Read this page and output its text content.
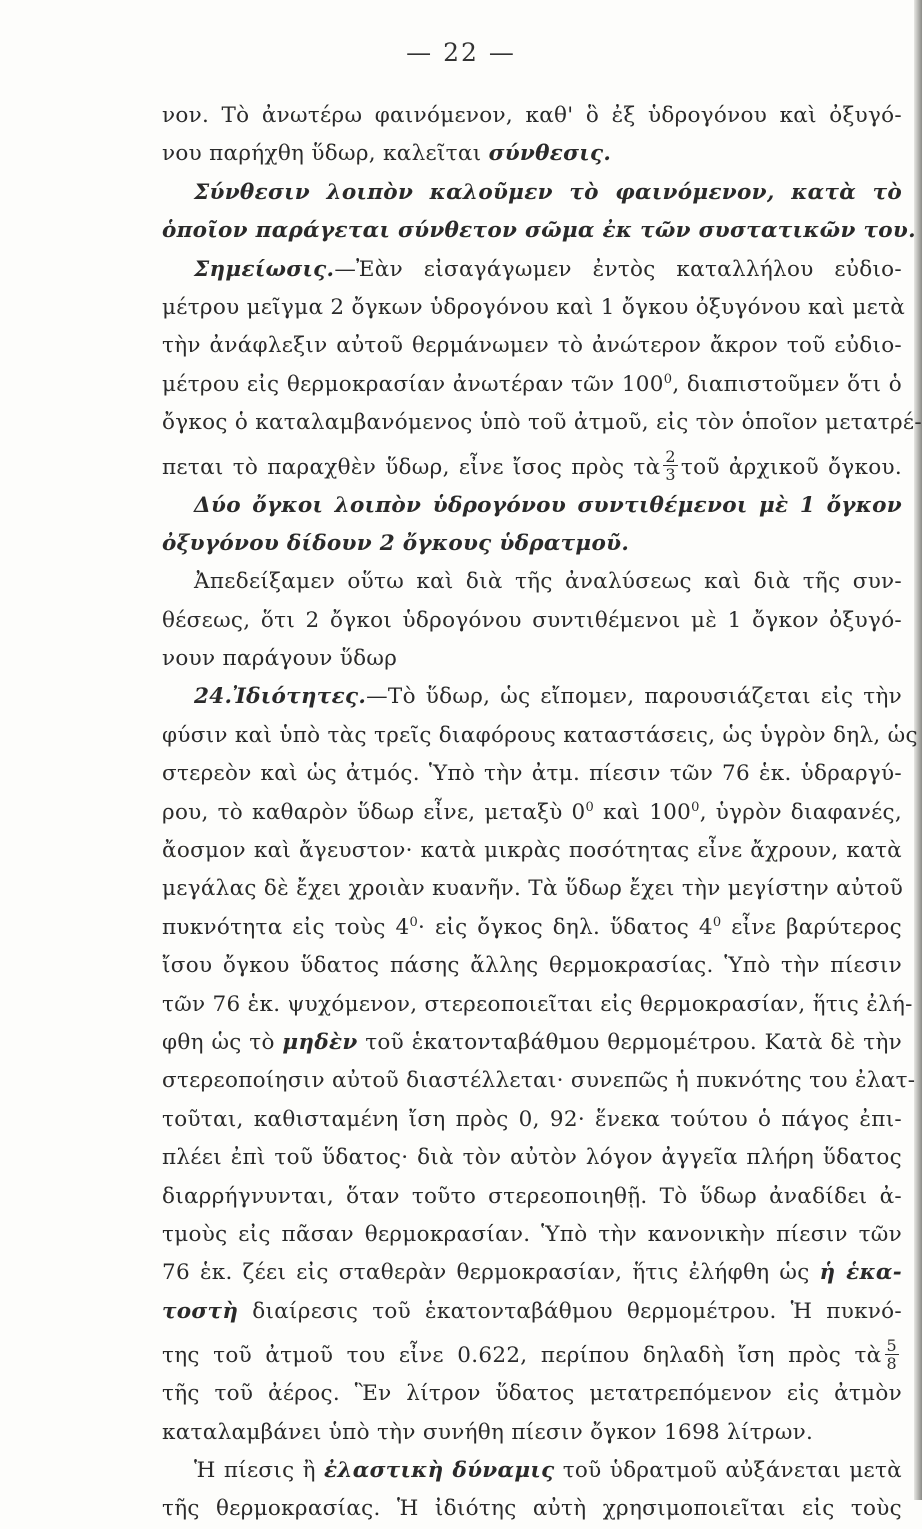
— 22 —
νον. Τὸ ἀνωτέρω φαινόμενον, καθ' ὃ ἐξ ὑδρογόνου καὶ ὀξυγό-
νου παρήχθη ὕδωρ, καλεῖται σύνθεσις.
Σύνθεσιν λοιπὸν καλοῦμεν τὸ φαινόμενον, κατὰ τὸ
ὁποῖον παράγεται σύνθετον σῶμα ἐκ τῶν συστατικῶν του.
Σημείωσις.—Ἐὰν εἰσαγάγωμεν ἐντὸς καταλλήλου εὐδιο-
μέτρου μεῖγμα 2 ὄγκων ὑδρογόνου καὶ 1 ὄγκου ὀξυγόνου καὶ μετὰ
τὴν ἀνάφλεξιν αὐτοῦ θερμάνωμεν τὸ ἀνώτερον ἄκρον τοῦ εὐδιο-
μέτρου εἰς θερμοκρασίαν ἀνωτέραν τῶν $100^0$, διαπιστοῦμεν ὅτι ὁ
ὄγκος ὁ καταλαμβανόμενος ὑπὸ τοῦ ἀτμοῦ, εἰς τὸν ὁποῖον μετατρέ-
πεται τὸ παραχθὲν ὕδωρ, εἶνε ἴσος πρὸς τὰ $\frac{2}{3}$ τοῦ ἀρχικοῦ ὄγκου.
Δύο ὄγκοι λοιπὸν ὑδρογόνου συντιθέμενοι μὲ 1 ὄγκον
ὀξυγόνου δίδουν 2 ὄγκους ὑδρατμοῦ.
Ἀπεδείξαμεν οὕτω καὶ διὰ τῆς ἀναλύσεως καὶ διὰ τῆς συν-
θέσεως, ὅτι 2 ὄγκοι ὑδρογόνου συντιθέμενοι μὲ 1 ὄγκον ὀξυγό-
νουν παράγουν ὕδωρ
24.Ἰδιότητες.—Τὸ ὕδωρ, ὡς εἴπομεν, παρουσιάζεται εἰς τὴν
φύσιν καὶ ὑπὸ τὰς τρεῖς διαφόρους καταστάσεις, ὡς ὑγρὸν δηλ, ὡς
στερεὸν καὶ ὡς ἀτμός. Ὑπὸ τὴν ἀτμ. πίεσιν τῶν 76 ἑκ. ὑδραργύ-
ρου, τὸ καθαρὸν ὕδωρ εἶνε, μεταξὺ $0^0$ καὶ $100^0$, ὑγρὸν διαφανές,
ἄοσμον καὶ ἄγευστον· κατὰ μικρὰς ποσότητας εἶνε ἄχρουν, κατὰ
μεγάλας δὲ ἔχει χροιὰν κυανῆν. Τὰ ὕδωρ ἔχει τὴν μεγίστην αὐτοῦ
πυκνότητα εἰς τοὺς $4^0\cdot$ εἰς ὄγκος δηλ. ὕδατος $4^0$ εἶνε βαρύτερος
ἴσου ὄγκου ὕδατος πάσης ἄλλης θερμοκρασίας. Ὑπὸ τὴν πίεσιν
τῶν 76 ἑκ. ψυχόμενον, στερεοποιεῖται εἰς θερμοκρασίαν, ἥτις ἐλή-
φθη ὡς τὸ μηδὲν τοῦ ἑκατονταβάθμου θερμομέτρου. Κατὰ δὲ τὴν
στερεοποίησιν αὐτοῦ διαστέλλεται· συνεπῶς ἡ πυκνότης του ἐλατ-
τοῦται, καθισταμένη ἴση πρὸς 0, 92· ἕνεκα τούτου ὁ πάγος ἐπι-
πλέει ἐπὶ τοῦ ὕδατος· διὰ τὸν αὐτὸν λόγον ἀγγεῖα πλήρη ὕδατος
διαρρήγνυνται, ὅταν τοῦτο στερεοποιηθῇ. Τὸ ὕδωρ ἀναδίδει ἀ-
τμοὺς εἰς πᾶσαν θερμοκρασίαν. Ὑπὸ τὴν κανονικὴν πίεσιν τῶν
76 ἑκ. ζέει εἰς σταθερὰν θερμοκρασίαν, ἥτις ἐλήφθη ὡς ἡ ἑκα-
τοστὴ διαίρεσις τοῦ ἑκατονταβάθμου θερμομέτρου. Ἡ πυκνό-
της τοῦ ἀτμοῦ του εἶνε 0.622, περίπου δηλαδὴ ἴση πρὸς τὰ $\frac{5}{8}$
τῆς τοῦ ἀέρος. Ἓν λίτρον ὕδατος μετατρεπόμενον εἰς ἀτμὸν
καταλαμβάνει ὑπὸ τὴν συνήθη πίεσιν ὄγκον 1698 λίτρων.
Ἡ πίεσις ἢ ἐλαστικὴ δύναμις τοῦ ὑδρατμοῦ αὐξάνεται μετὰ
τῆς θερμοκρασίας. Ἡ ἰδιότης αὐτὴ χρησιμοποιεῖται εἰς τοὺς
